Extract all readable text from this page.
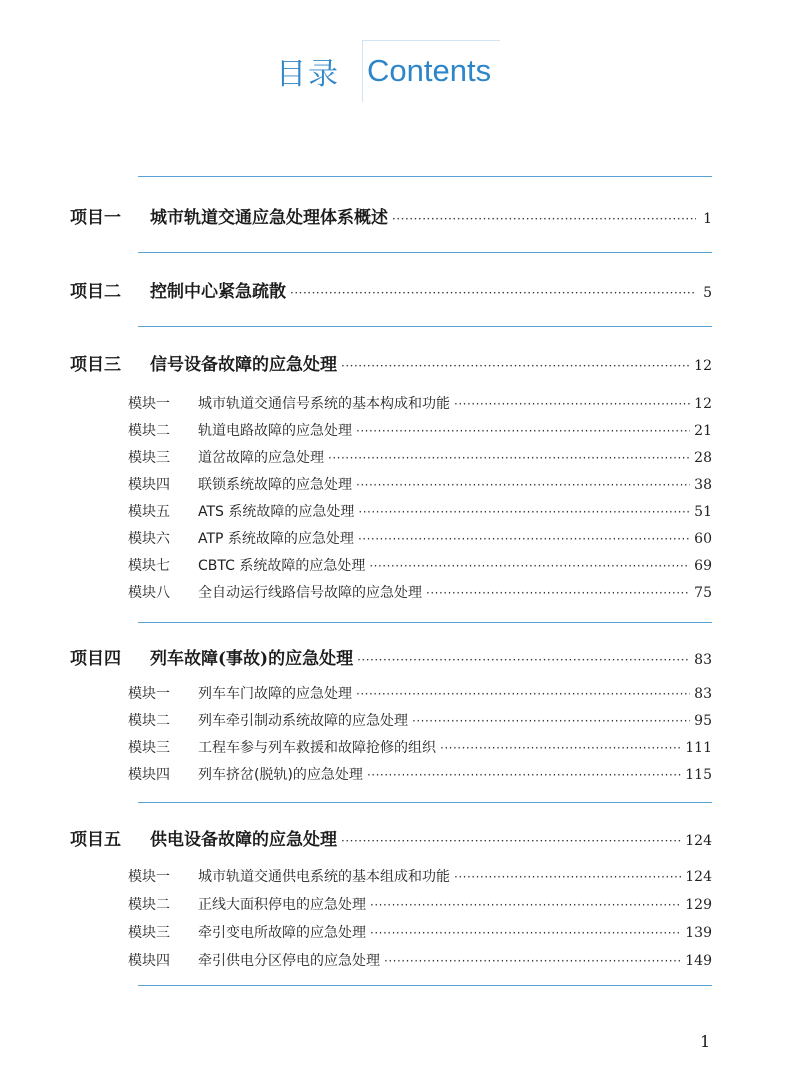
目录 Contents
项目一	城市轨道交通应急处理体系概述 ·····	1
项目二	控制中心紧急疏散 ·····	5
项目三	信号设备故障的应急处理 ·····	12
模块一	城市轨道交通信号系统的基本构成和功能 ·····	12
模块二	轨道电路故障的应急处理 ·····	21
模块三	道岔故障的应急处理 ·····	28
模块四	联锁系统故障的应急处理 ·····	38
模块五	ATS 系统故障的应急处理 ·····	51
模块六	ATP 系统故障的应急处理 ·····	60
模块七	CBTC 系统故障的应急处理 ·····	69
模块八	全自动运行线路信号故障的应急处理 ·····	75
项目四	列车故障(事故)的应急处理 ·····	83
模块一	列车车门故障的应急处理 ·····	83
模块二	列车牵引制动系统故障的应急处理 ·····	95
模块三	工程车参与列车救援和故障抢修的组织 ·····	111
模块四	列车挤岔(脱轨)的应急处理 ·····	115
项目五	供电设备故障的应急处理 ·····	124
模块一	城市轨道交通供电系统的基本组成和功能 ·····	124
模块二	正线大面积停电的应急处理 ·····	129
模块三	牵引变电所故障的应急处理 ·····	139
模块四	牵引供电分区停电的应急处理 ·····	149
1
